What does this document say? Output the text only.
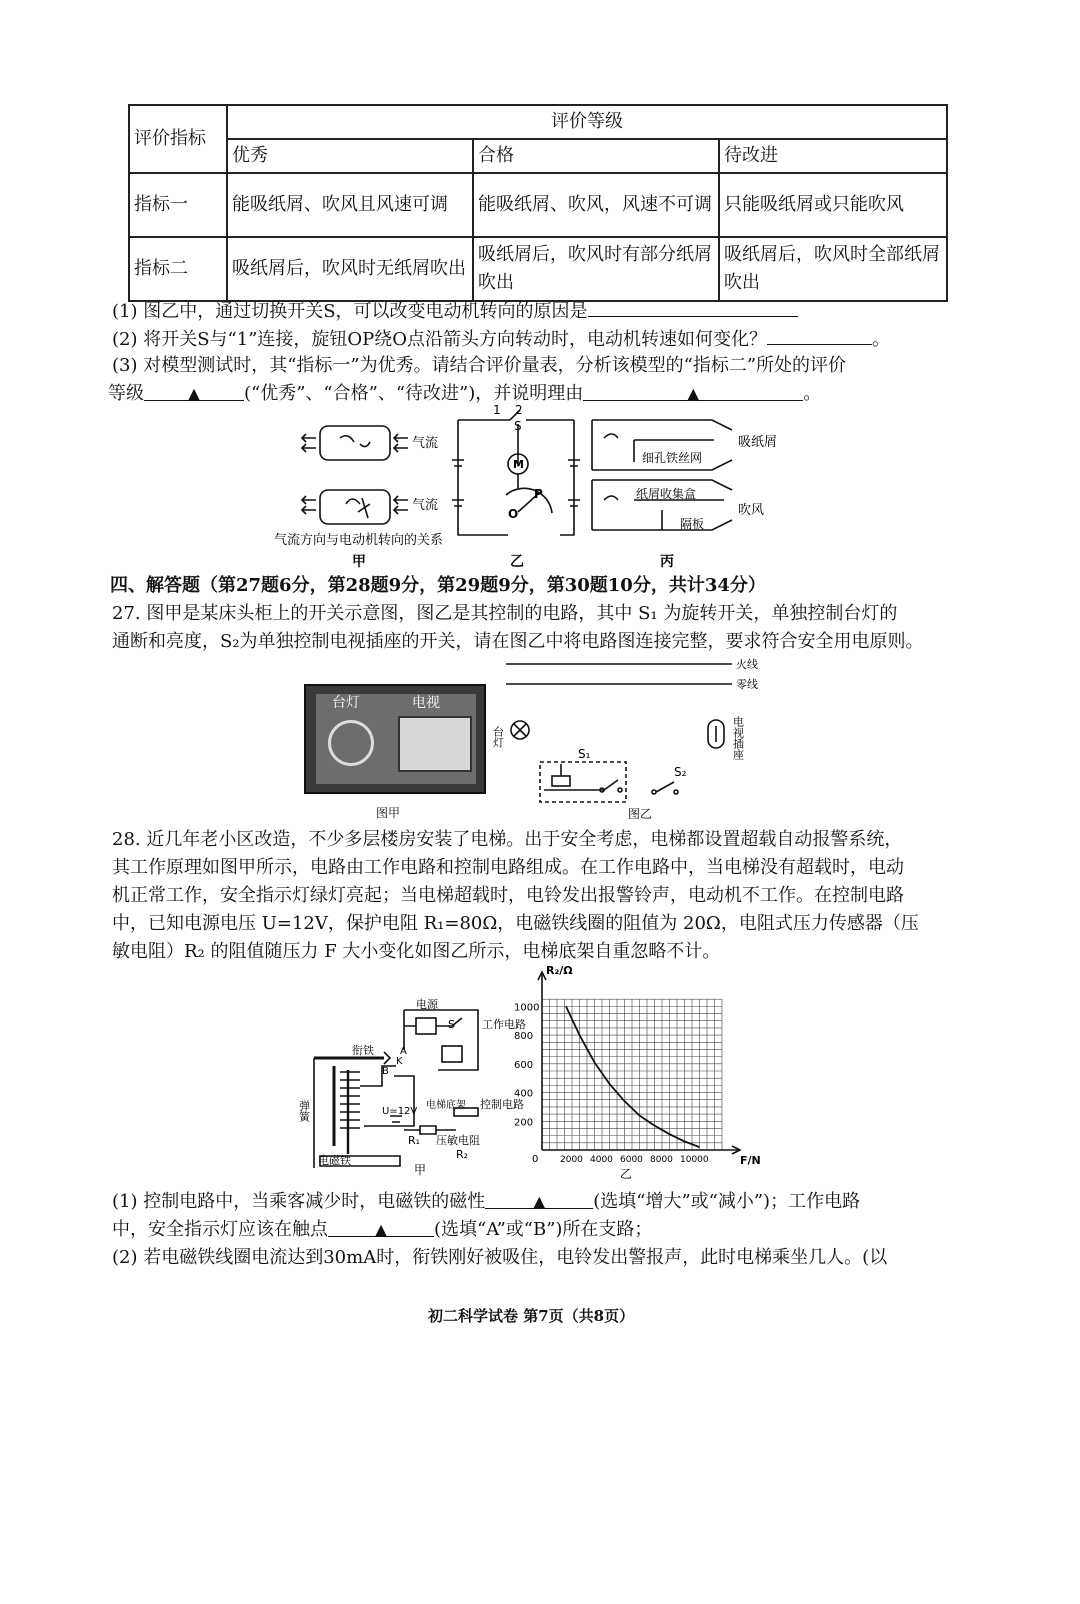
评价指标	评价等级		
	优秀	合格	待改进
指标一	能吸纸屑、吹风且风速可调	能吸纸屑、吹风，风速不可调	只能吸纸屑或只能吹风
指标二	吸纸屑后，吹风时无纸屑吹出	吸纸屑后，吹风时有部分纸屑吹出	吸纸屑后，吹风时全部纸屑吹出
(1) 图乙中，通过切换开关S，可以改变电动机转向的原因是
(2) 将开关S与“1”连接，旋钮OP绕O点沿箭头方向转动时，电动机转速如何变化？	。
(3) 对模型测试时，其“指标一”为优秀。请结合评价量表，分析该模型的“指标二”所处的评价
等级	▲ (“优秀”、“合格”、“待改进”)，并说明理由	▲	。
气流
气流
气流方向与电动机转向的关系
甲
1 2
S
M
P
O
乙
吸纸屑
细孔铁丝网
纸屑收集盒
隔板
吹风
丙
四、解答题（第27题6分，第28题9分，第29题9分，第30题10分，共计34分）
27. 图甲是某床头柜上的开关示意图，图乙是其控制的电路，其中 S₁ 为旋转开关，单独控制台灯的
通断和亮度，S₂为单独控制电视插座的开关，请在图乙中将电路图连接完整，要求符合安全用电原则。
台灯	电视
图甲
火线
零线
台灯	电视插座
S₁
S₂
图乙
28. 近几年老小区改造，不少多层楼房安装了电梯。出于安全考虑，电梯都设置超载自动报警系统，
其工作原理如图甲所示，电路由工作电路和控制电路组成。在工作电路中，当电梯没有超载时，电动
机正常工作，安全指示灯绿灯亮起；当电梯超载时，电铃发出报警铃声，电动机不工作。在控制电路
中，已知电源电压 U=12V，保护电阻 R₁=80Ω，电磁铁线圈的阻值为 20Ω，电阻式压力传感器（压
敏电阻）R₂ 的阻值随压力 F 大小变化如图乙所示，电梯底架自重忽略不计。
电源
S
衔铁	A
K
B
工作电路
弹簧	U=12V
电梯底架 控制电路
R₁ 压敏电阻
R₂
电磁铁
甲
200
400
600
800
1000
2000 4000 6000 8000 10000
R₂/Ω
F/N
0
乙
(1) 控制电路中，当乘客减少时，电磁铁的磁性	▲	(选填“增大”或“减小”)；工作电路
中，安全指示灯应该在触点	▲	(选填“A”或“B”)所在支路；
(2) 若电磁铁线圈电流达到30mA时，衔铁刚好被吸住，电铃发出警报声，此时电梯乘坐几人。(以
初二科学试卷 第7页（共8页）
